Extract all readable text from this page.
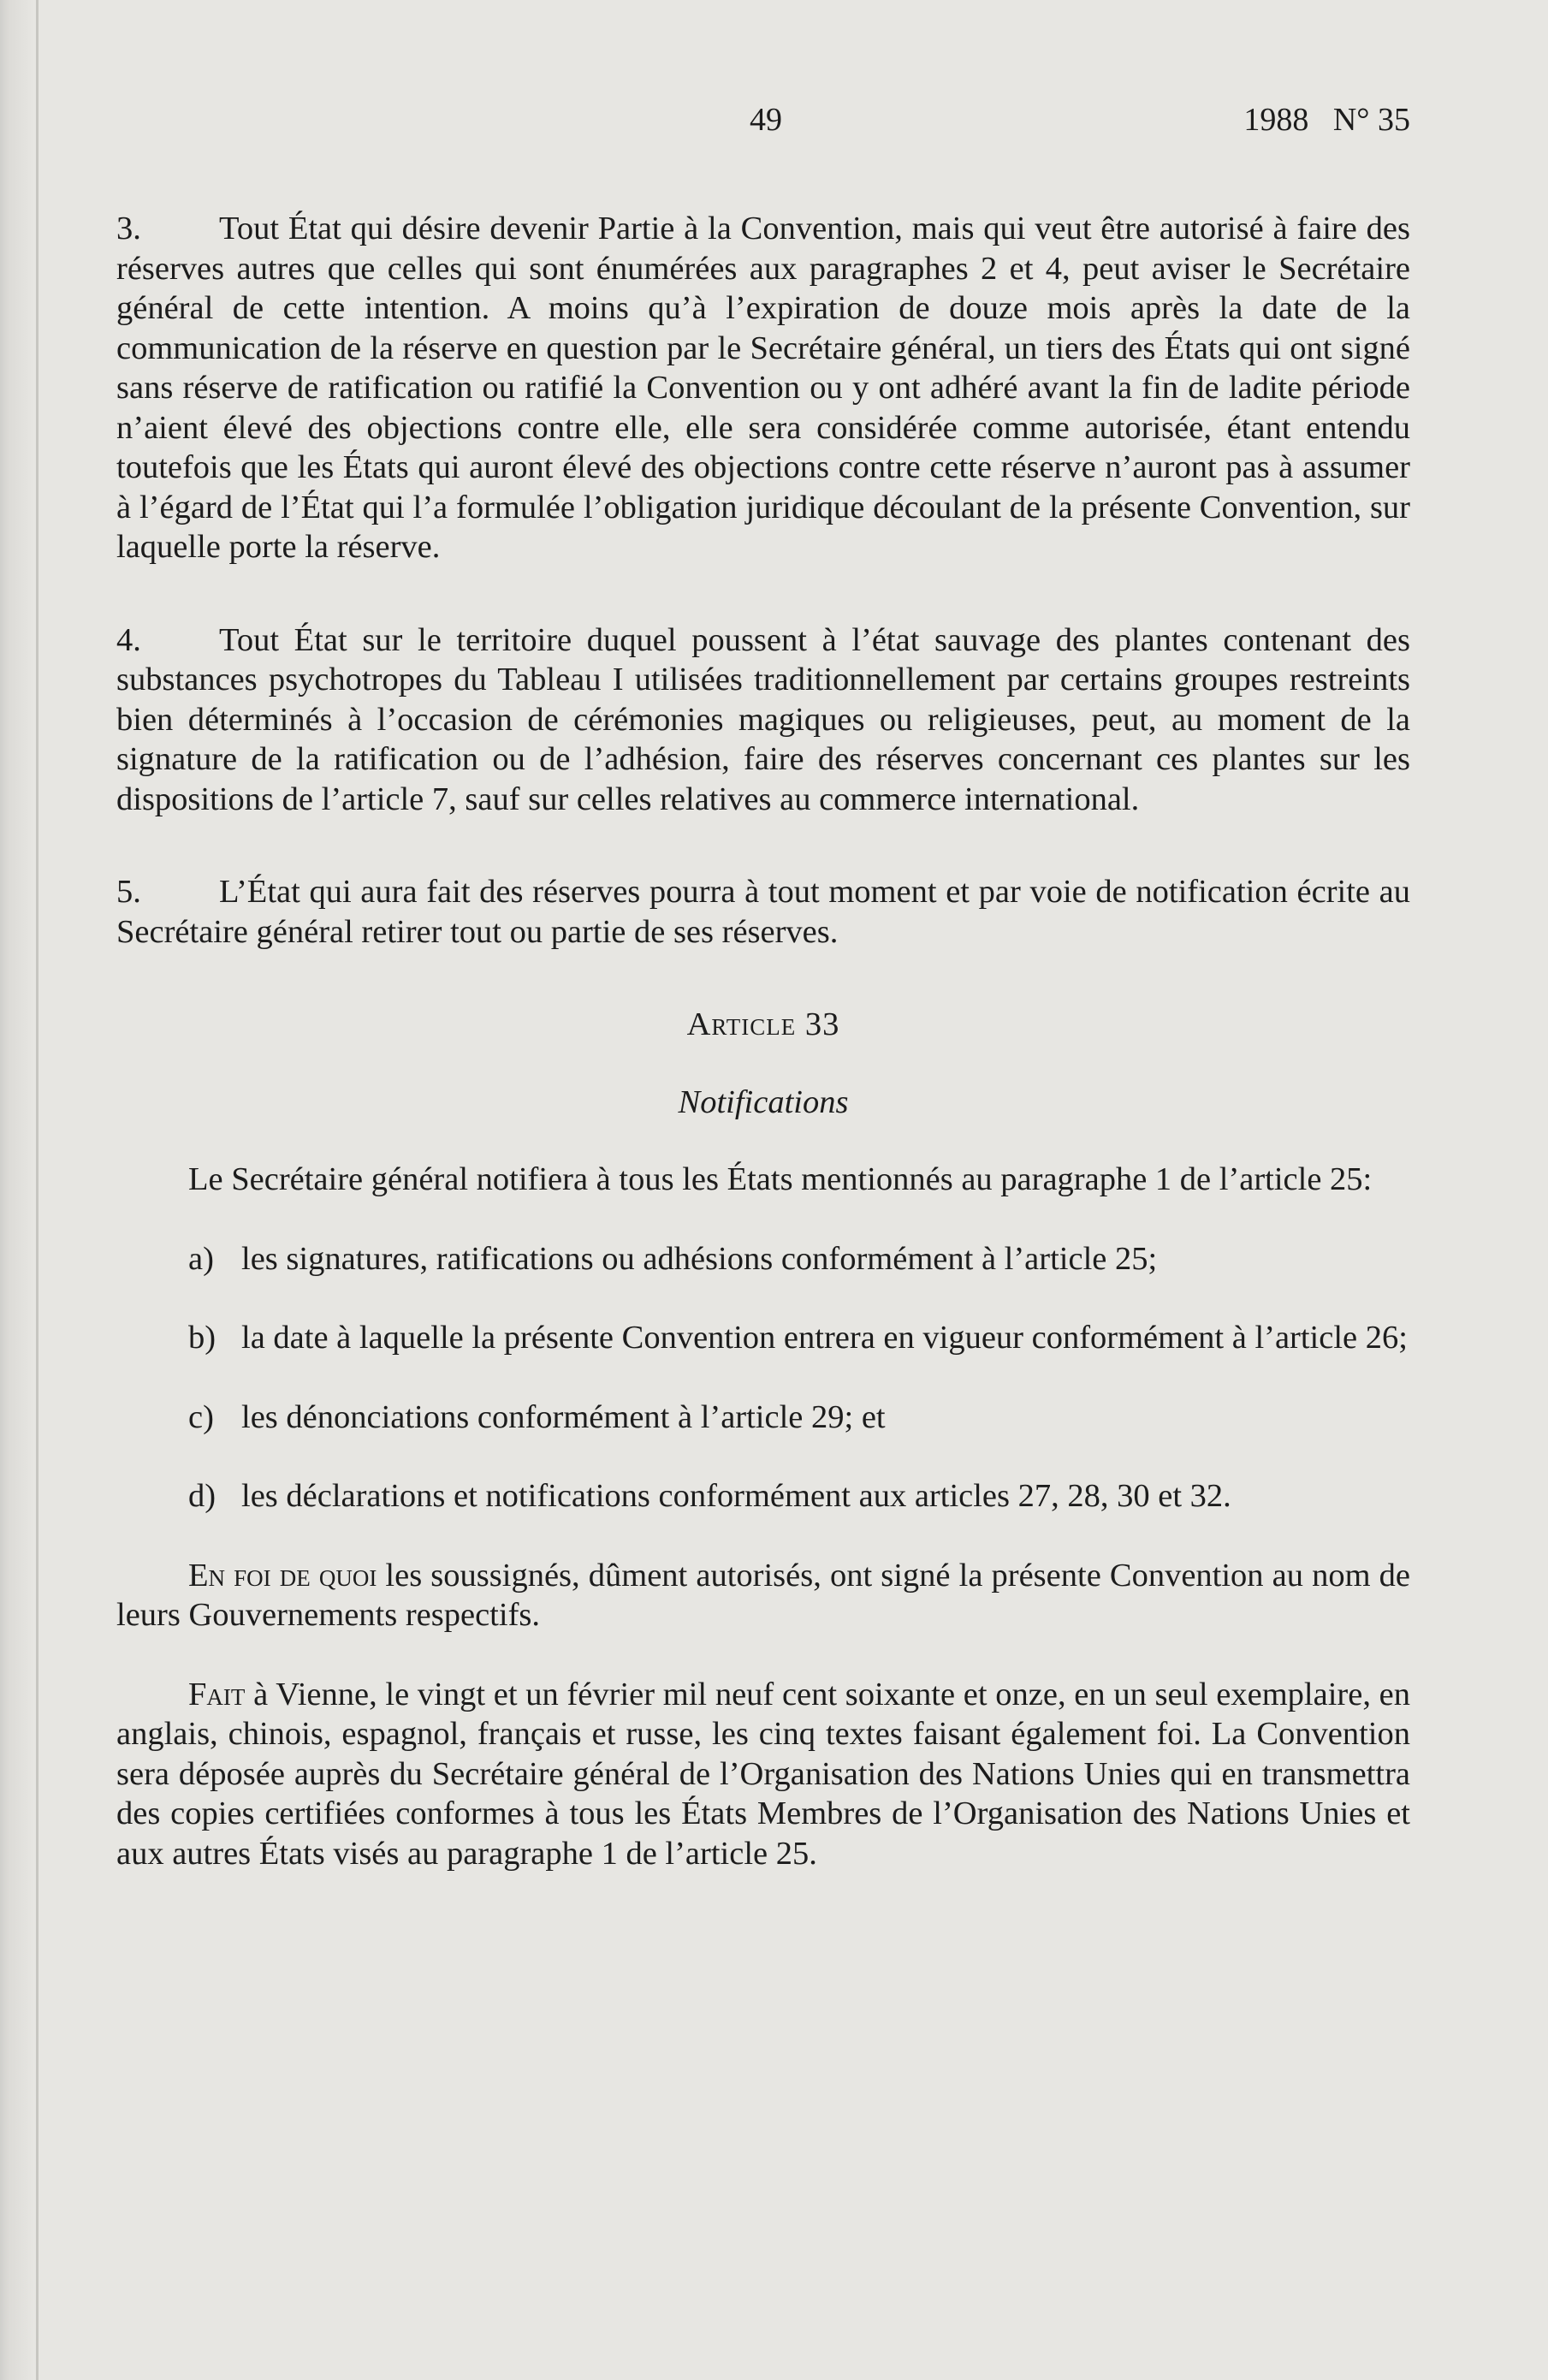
49	1988   N° 35

3. Tout État qui désire devenir Partie à la Convention, mais qui veut être autorisé à faire des réserves autres que celles qui sont énumérées aux paragraphes 2 et 4, peut aviser le Secrétaire général de cette intention. A moins qu’à l’expiration de douze mois après la date de la communication de la réserve en question par le Secrétaire général, un tiers des États qui ont signé sans réserve de ratification ou ratifié la Convention ou y ont adhéré avant la fin de ladite période n’aient élevé des objections contre elle, elle sera considérée comme autorisée, étant entendu toutefois que les États qui auront élevé des objections contre cette réserve n’auront pas à assumer à l’égard de l’État qui l’a formulée l’obligation juridique découlant de la présente Convention, sur laquelle porte la réserve.

4. Tout État sur le territoire duquel poussent à l’état sauvage des plantes contenant des substances psychotropes du Tableau I utilisées traditionnellement par certains groupes restreints bien déterminés à l’occasion de cérémonies magiques ou religieuses, peut, au moment de la signature de la ratification ou de l’adhésion, faire des réserves concernant ces plantes sur les dispositions de l’article 7, sauf sur celles relatives au commerce international.

5. L’État qui aura fait des réserves pourra à tout moment et par voie de notification écrite au Secrétaire général retirer tout ou partie de ses réserves.

Article 33

Notifications

Le Secrétaire général notifiera à tous les États mentionnés au paragraphe 1 de l’article 25:

a) les signatures, ratifications ou adhésions conformément à l’article 25;

b) la date à laquelle la présente Convention entrera en vigueur conformément à l’article 26;

c) les dénonciations conformément à l’article 29; et

d) les déclarations et notifications conformément aux articles 27, 28, 30 et 32.

En foi de quoi les soussignés, dûment autorisés, ont signé la présente Convention au nom de leurs Gouvernements respectifs.

Fait à Vienne, le vingt et un février mil neuf cent soixante et onze, en un seul exemplaire, en anglais, chinois, espagnol, français et russe, les cinq textes faisant également foi. La Convention sera déposée auprès du Secrétaire général de l’Organisation des Nations Unies qui en transmettra des copies certifiées conformes à tous les États Membres de l’Organisation des Nations Unies et aux autres États visés au paragraphe 1 de l’article 25.
